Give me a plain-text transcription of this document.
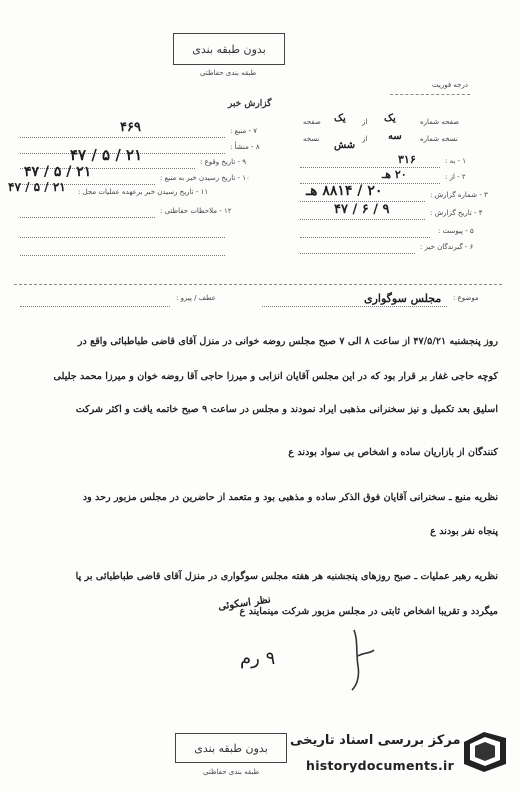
بدون طبقه بندی
طبقه بندی حفاظتی
درجه فوریت
گزارش خبر
صفحه شماره
یک
از
یک
صفحه
نسخه شماره
سه
از
شش
نسخه
۱ - به :
۳۱۶
۲ - از :
۲۰ هـ
۳ - شماره گزارش :
۲۰ / ۸۸۱۴ هـ
۴ - تاریخ گزارش :
۴۷ / ۶ / ۹
۵ - پیوست :
۶ - گیرندگان خبر :
۷ - منبع :
۴۶۹
۸ - منشأ :
۹ - تاریخ وقوع :
۴۷ / ۵ / ۲۱
۱۰ - تاریخ رسیدن خبر به منبع :
۴۷ / ۵ / ۲۱
۱۱ - تاریخ رسیدن خبر برعهده عملیات محل :
۴۷ / ۵ / ۲۱
۱۲ - ملاحظات حفاظتی :
موضوع :
مجلس سوگواری
عطف / پیرو :
روز پنجشنبه ۴۷/۵/۲۱ از ساعت ۸ الی ۷ صبح مجلس روضه خوانی در منزل آقای قاضی طباطبائی واقع در
کوچه حاجی غفار بر قرار بود که در این مجلس آقایان انزابی و میرزا حاجی آقا روضه خوان و میرزا محمد جلیلی
اسلیق بعد تکمیل و نیز سخنرانی مذهبی ایراد نمودند و مجلس در ساعت ۹ صبح خاتمه یافت و اکثر شرکت
کنندگان از بازاریان ساده و اشخاص بی سواد بودند ع
نظریه منبع ـ سخنرانی آقایان فوق الذکر ساده و مذهبی بود و متعمد از حاضرین در مجلس مزبور رحد ود
پنجاه نفر بودند ع
نظریه رهبر عملیات ـ صبح روزهای پنجشنبه هر هفته مجلس سوگواری در منزل آقای قاضی طباطبائی بر پا
میگردد و تقریبا اشخاص ثابتی در مجلس مزبور شرکت مینمایند ع
نظر اسکوئی
۹ رم
بدون طبقه بندی
طبقه بندی حفاظتی
مرکز بررسی اسناد تاریخی
historydocuments.ir
